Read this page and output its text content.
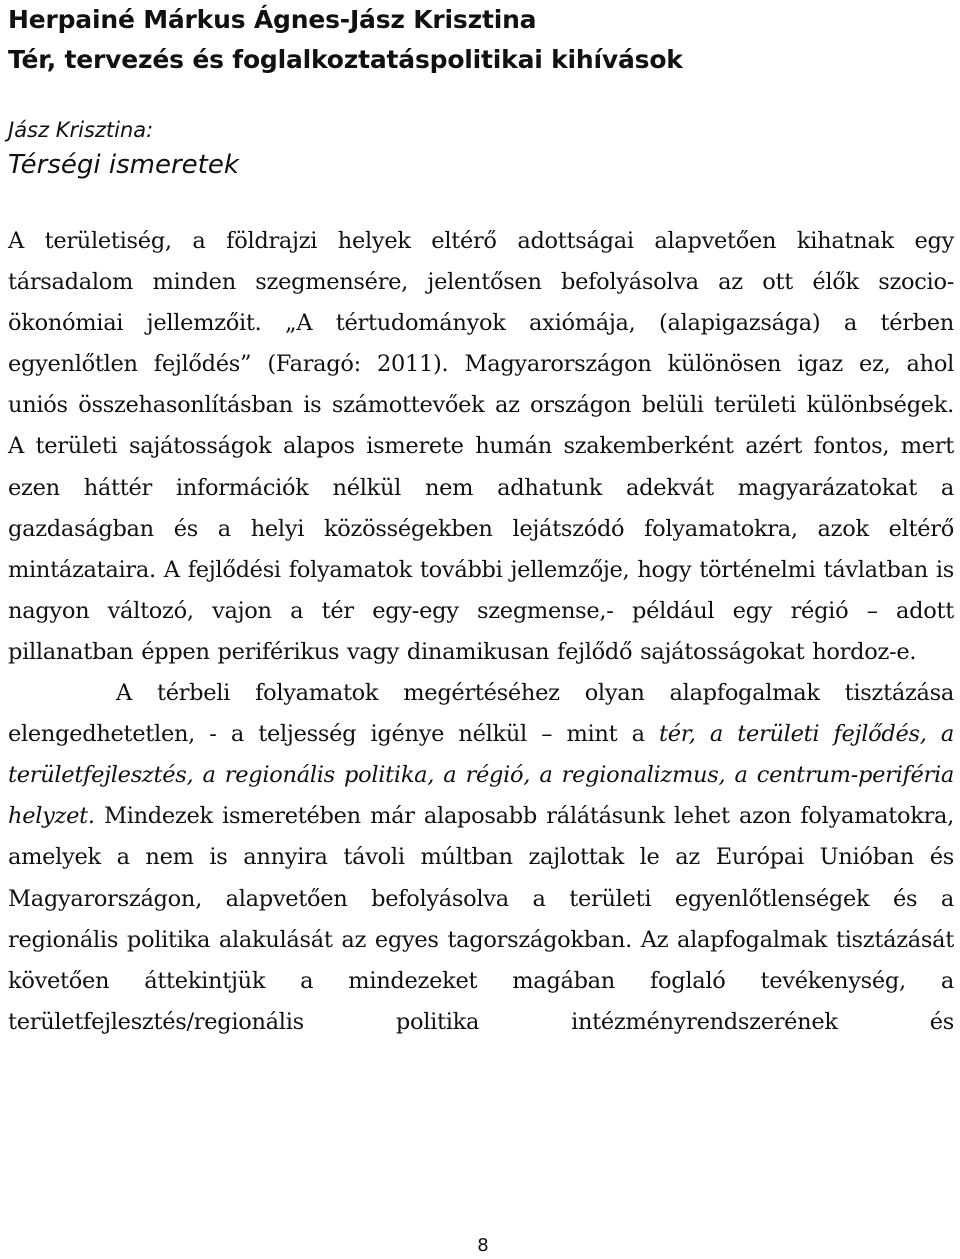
Herpainé Márkus Ágnes-Jász Krisztina
Tér, tervezés és foglalkoztatáspolitikai kihívások
Jász Krisztina:
Térségi ismeretek

A területiség, a földrajzi helyek eltérő adottságai alapvetően kihatnak egy társadalom minden szegmensére, jelentősen befolyásolva az ott élők szocio-ökonómiai jellemzőit. „A tértudományok axiómája, (alapigazsága) a térben egyenlőtlen fejlődés” (Faragó: 2011). Magyarországon különösen igaz ez, ahol uniós összehasonlításban is számottevőek az országon belüli területi különbségek. A területi sajátosságok alapos ismerete humán szakemberként azért fontos, mert ezen háttér információk nélkül nem adhatunk adekvát magyarázatokat a gazdaságban és a helyi közösségekben lejátszódó folyamatokra, azok eltérő mintázataira. A fejlődési folyamatok további jellemzője, hogy történelmi távlatban is nagyon változó, vajon a tér egy-egy szegmense,- például egy régió – adott pillanatban éppen periférikus vagy dinamikusan fejlődő sajátosságokat hordoz-e.

A térbeli folyamatok megértéséhez olyan alapfogalmak tisztázása elengedhetetlen, - a teljesség igénye nélkül – mint a tér, a területi fejlődés, a területfejlesztés, a regionális politika, a régió, a regionalizmus, a centrum-periféria helyzet. Mindezek ismeretében már alaposabb rálátásunk lehet azon folyamatokra, amelyek a nem is annyira távoli múltban zajlottak le az Európai Unióban és Magyarországon, alapvetően befolyásolva a területi egyenlőtlenségek és a regionális politika alakulását az egyes tagországokban. Az alapfogalmak tisztázását követően áttekintjük a mindezeket magában foglaló tevékenység, a területfejlesztés/regionális politika intézményrendszerének és

8
